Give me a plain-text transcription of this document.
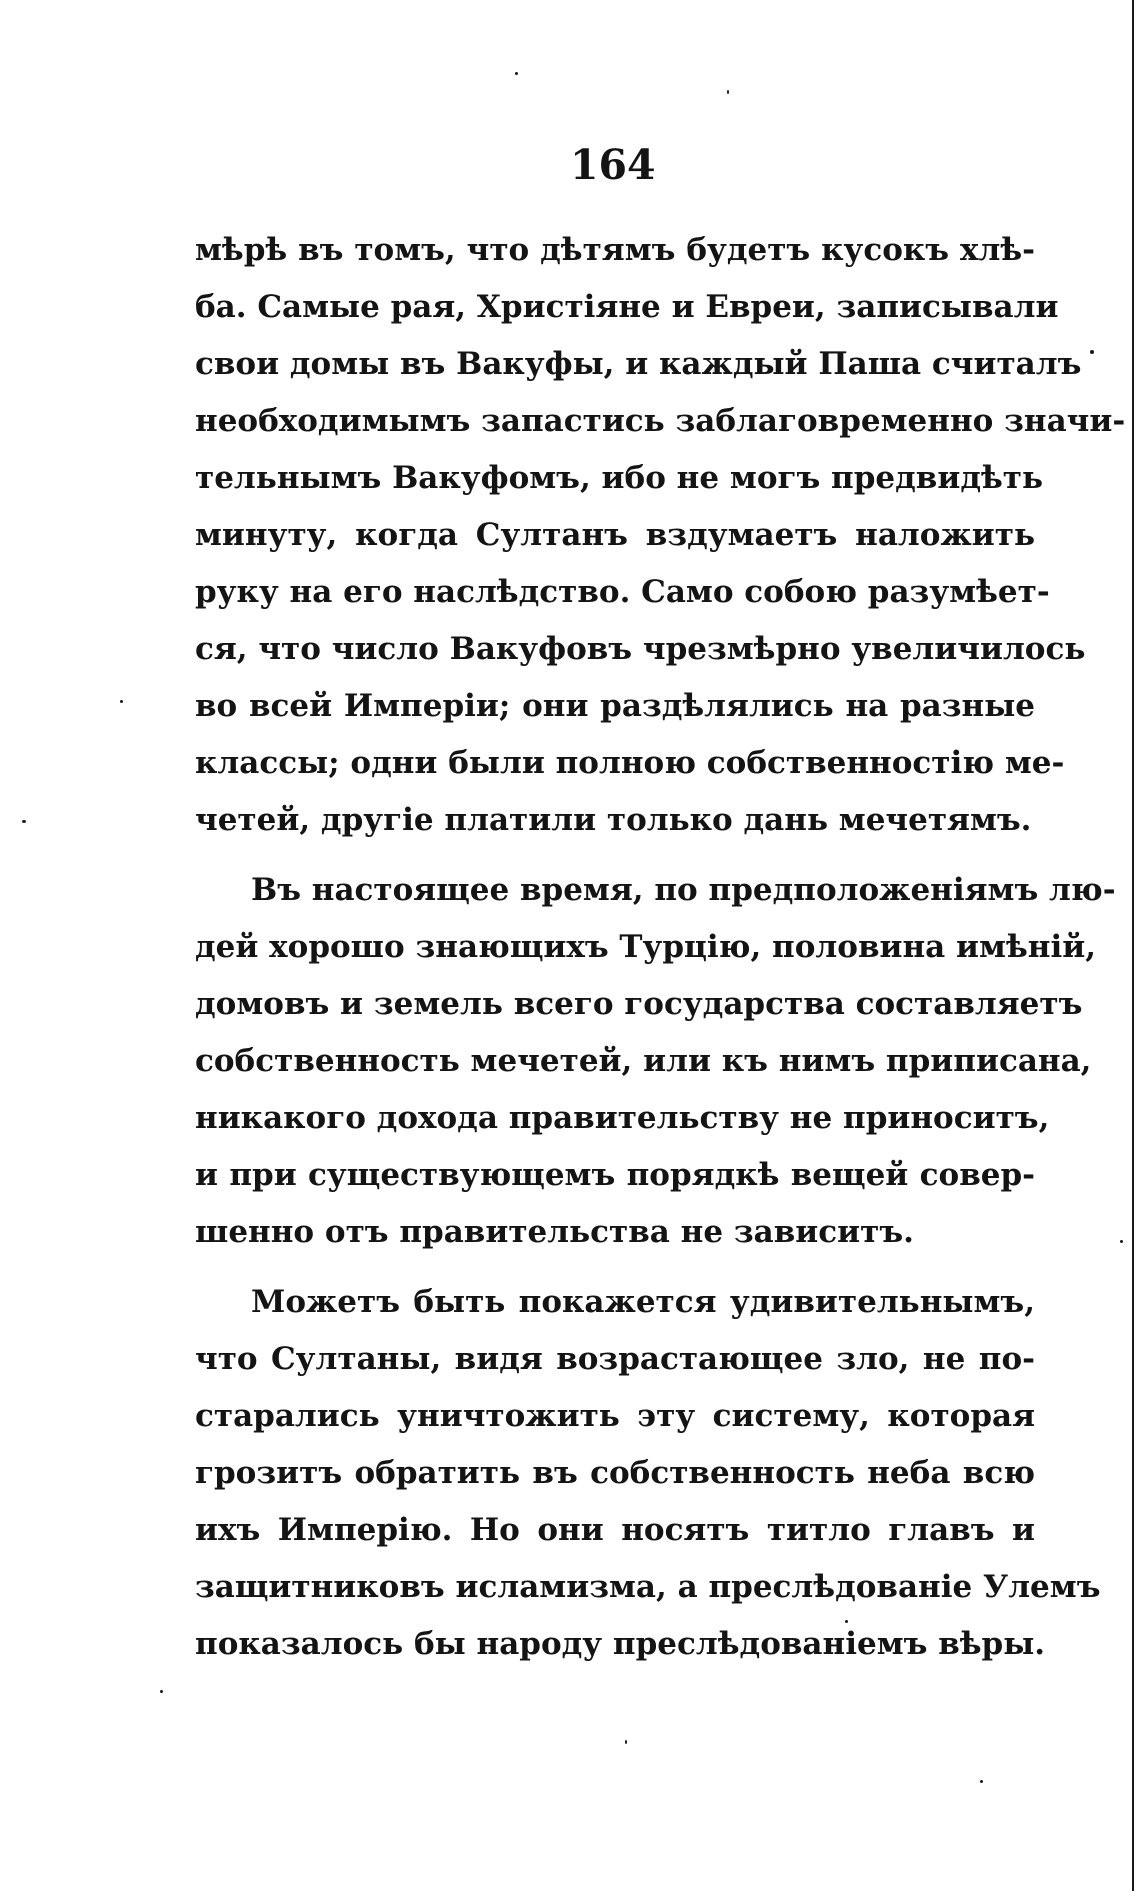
164
мѣрѣ въ томъ, что дѣтямъ будетъ кусокъ хлѣ-
ба. Самые рая, Христіяне и Евреи, записывали
свои домы въ Вакуфы, и каждый Паша считалъ
необходимымъ запастись заблаговременно значи-
тельнымъ Вакуфомъ, ибо не могъ предвидѣть
минуту, когда Султанъ вздумаетъ наложить
руку на его наслѣдство. Само собою разумѣет-
ся, что число Вакуфовъ чрезмѣрно увеличилось
во всей Имперіи; они раздѣлялись на разные
классы; одни были полною собственностію ме-
четей, другіе платили только дань мечетямъ.
Въ настоящее время, по предположеніямъ лю-
дей хорошо знающихъ Турцію, половина имѣній,
домовъ и земель всего государства составляетъ
собственность мечетей, или къ нимъ приписана,
никакого дохода правительству не приноситъ,
и при существующемъ порядкѣ вещей совер-
шенно отъ правительства не зависитъ.
Можетъ быть покажется удивительнымъ,
что Султаны, видя возрастающее зло, не по-
старались уничтожить эту систему, которая
грозитъ обратить въ собственность неба всю
ихъ Имперію. Но они носятъ титло главъ и
защитниковъ исламизма, а преслѣдованіе Улемъ
показалось бы народу преслѣдованіемъ вѣры.
